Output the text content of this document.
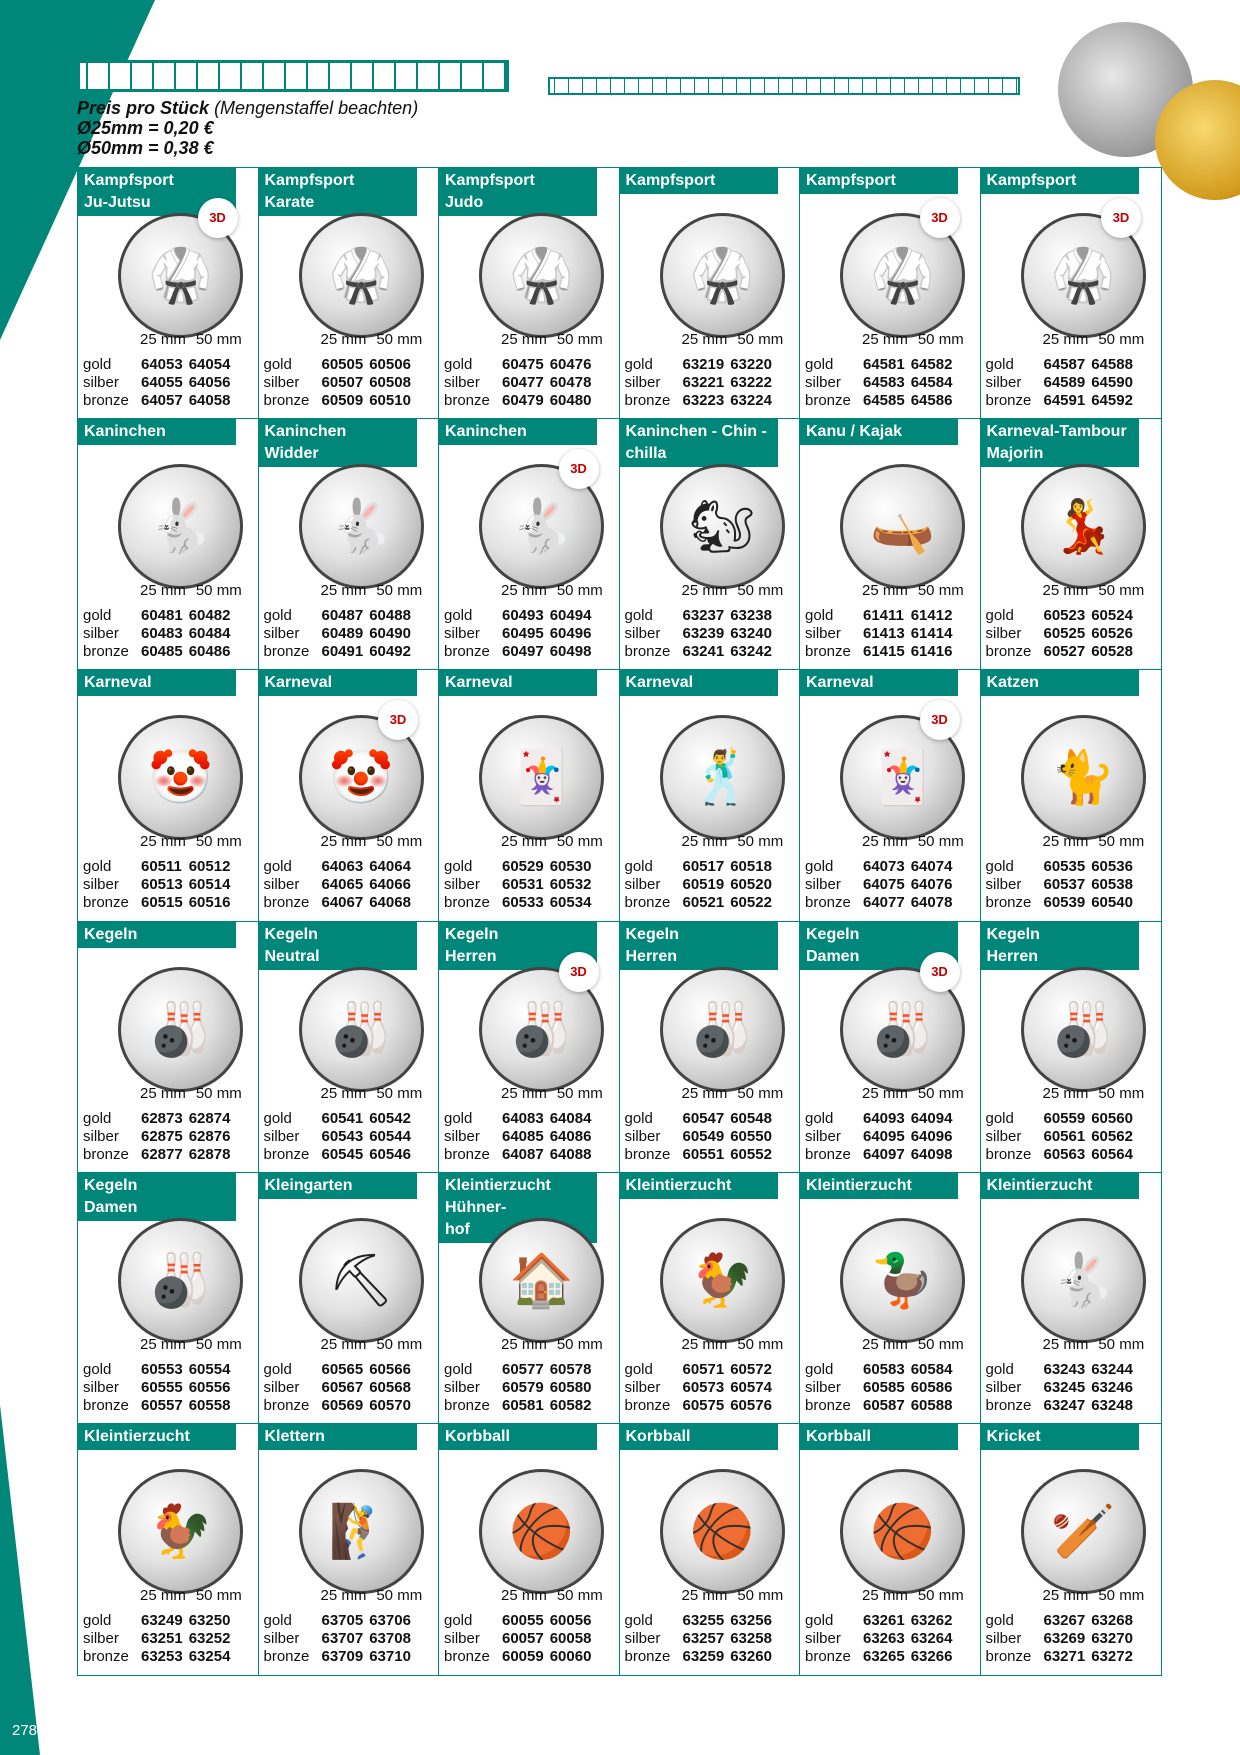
278
Preis pro Stück (Mengenstaffel beachten)
Ø25mm = 0,20 €
Ø50mm = 0,38 €
Kampfsport
Ju-Jutsu
3D
🥋
25 mm 50 mm
gold	64053	64054
silber	64055	64056
bronze	64057	64058
Kampfsport
Karate
🥋
25 mm 50 mm
gold	60505	60506
silber	60507	60508
bronze	60509	60510
Kampfsport
Judo
🥋
25 mm 50 mm
gold	60475	60476
silber	60477	60478
bronze	60479	60480
Kampfsport
🥋
25 mm 50 mm
gold	63219	63220
silber	63221	63222
bronze	63223	63224
Kampfsport
3D
🥋
25 mm 50 mm
gold	64581	64582
silber	64583	64584
bronze	64585	64586
Kampfsport
3D
🥋
25 mm 50 mm
gold	64587	64588
silber	64589	64590
bronze	64591	64592
Kaninchen
🐇
25 mm 50 mm
gold	60481	60482
silber	60483	60484
bronze	60485	60486
Kaninchen
Widder
🐇
25 mm 50 mm
gold	60487	60488
silber	60489	60490
bronze	60491	60492
Kaninchen
3D
🐇
25 mm 50 mm
gold	60493	60494
silber	60495	60496
bronze	60497	60498
Kaninchen - Chin -
chilla
🐿
25 mm 50 mm
gold	63237	63238
silber	63239	63240
bronze	63241	63242
Kanu / Kajak
🛶
25 mm 50 mm
gold	61411	61412
silber	61413	61414
bronze	61415	61416
Karneval-Tambour
Majorin
💃
25 mm 50 mm
gold	60523	60524
silber	60525	60526
bronze	60527	60528
Karneval
🤡
25 mm 50 mm
gold	60511	60512
silber	60513	60514
bronze	60515	60516
Karneval
3D
🤡
25 mm 50 mm
gold	64063	64064
silber	64065	64066
bronze	64067	64068
Karneval
🃏
25 mm 50 mm
gold	60529	60530
silber	60531	60532
bronze	60533	60534
Karneval
🕺
25 mm 50 mm
gold	60517	60518
silber	60519	60520
bronze	60521	60522
Karneval
3D
🃏
25 mm 50 mm
gold	64073	64074
silber	64075	64076
bronze	64077	64078
Katzen
🐈
25 mm 50 mm
gold	60535	60536
silber	60537	60538
bronze	60539	60540
Kegeln
🎳
25 mm 50 mm
gold	62873	62874
silber	62875	62876
bronze	62877	62878
Kegeln
Neutral
🎳
25 mm 50 mm
gold	60541	60542
silber	60543	60544
bronze	60545	60546
Kegeln
Herren
3D
🎳
25 mm 50 mm
gold	64083	64084
silber	64085	64086
bronze	64087	64088
Kegeln
Herren
🎳
25 mm 50 mm
gold	60547	60548
silber	60549	60550
bronze	60551	60552
Kegeln
Damen
3D
🎳
25 mm 50 mm
gold	64093	64094
silber	64095	64096
bronze	64097	64098
Kegeln
Herren
🎳
25 mm 50 mm
gold	60559	60560
silber	60561	60562
bronze	60563	60564
Kegeln
Damen
🎳
25 mm 50 mm
gold	60553	60554
silber	60555	60556
bronze	60557	60558
Kleingarten
⛏
25 mm 50 mm
gold	60565	60566
silber	60567	60568
bronze	60569	60570
Kleintierzucht
Hühner-
hof
🏠
25 mm 50 mm
gold	60577	60578
silber	60579	60580
bronze	60581	60582
Kleintierzucht
🐓
25 mm 50 mm
gold	60571	60572
silber	60573	60574
bronze	60575	60576
Kleintierzucht
🦆
25 mm 50 mm
gold	60583	60584
silber	60585	60586
bronze	60587	60588
Kleintierzucht
🐇
25 mm 50 mm
gold	63243	63244
silber	63245	63246
bronze	63247	63248
Kleintierzucht
🐓
25 mm 50 mm
gold	63249	63250
silber	63251	63252
bronze	63253	63254
Klettern
🧗
25 mm 50 mm
gold	63705	63706
silber	63707	63708
bronze	63709	63710
Korbball
🏀
25 mm 50 mm
gold	60055	60056
silber	60057	60058
bronze	60059	60060
Korbball
🏀
25 mm 50 mm
gold	63255	63256
silber	63257	63258
bronze	63259	63260
Korbball
🏀
25 mm 50 mm
gold	63261	63262
silber	63263	63264
bronze	63265	63266
Kricket
🏏
25 mm 50 mm
gold	63267	63268
silber	63269	63270
bronze	63271	63272
